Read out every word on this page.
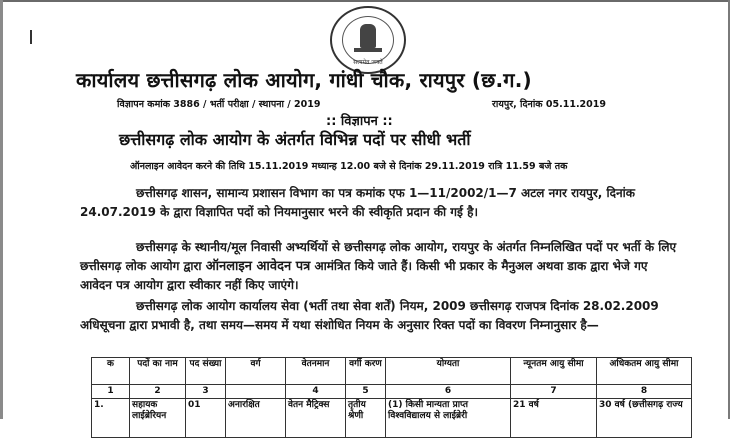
सत्यमेव जयते
कार्यालय छत्तीसगढ़ लोक आयोग, गांधी चौक, रायपुर (छ.ग.)
विज्ञापन कमांक 3886 / भर्ती परीक्षा / स्थापना / 2019	रायपुर, दिनांक 05.11.2019
:: विज्ञापन ::
छत्तीसगढ़ लोक आयोग के अंतर्गत विभिन्न पदों पर सीधी भर्ती
ऑनलाइन आवेदन करने की तिथि 15.11.2019 मध्यान्ह 12.00 बजे से दिनांक 29.11.2019 रात्रि 11.59 बजे तक
छत्तीसगढ़ शासन, सामान्य प्रशासन विभाग का पत्र कमांक एफ 1—11/2002/1—7 अटल नगर रायपुर, दिनांक 24.07.2019 के द्वारा विज्ञापित पदों को नियमानुसार भरने की स्वीकृति प्रदान की गई है।
छत्तीसगढ़ के स्थानीय/मूल निवासी अभ्यर्थियों से छत्तीसगढ़ लोक आयोग, रायपुर के अंतर्गत निम्नलिखित पदों पर भर्ती के लिए छत्तीसगढ़ लोक आयोग द्वारा ऑनलाइन आवेदन पत्र आमंत्रित किये जाते हैं। किसी भी प्रकार के मैनुअल अथवा डाक द्वारा भेजे गए आवेदन पत्र आयोग द्वारा स्वीकार नहीं किए जाएंगे।
छत्तीसगढ़ लोक आयोग कार्यालय सेवा (भर्ती तथा सेवा शर्तें) नियम, 2009 छत्तीसगढ़ राजपत्र दिनांक 28.02.2009 अधिसूचना द्वारा प्रभावी है, तथा समय—समय में यथा संशोधित नियम के अनुसार रिक्त पदों का विवरण निम्नानुसार है—
क	पदों का नाम	पद संख्या	वर्ग	वेतनमान	वर्गी करण	योग्यता	न्यूनतम आयु सीमा	अधिकतम आयु सीमा
1	2	3		4	5	6	7	8
1.	सहायक लाईब्रेरियन	01	अनारक्षित	वेतन मैट्रिक्स	तृतीय श्रेणी	(1) किसी मान्यता प्राप्त विश्वविद्यालय से लाईब्रेरी	21 वर्ष	30 वर्ष (छत्तीसगढ़ राज्य
